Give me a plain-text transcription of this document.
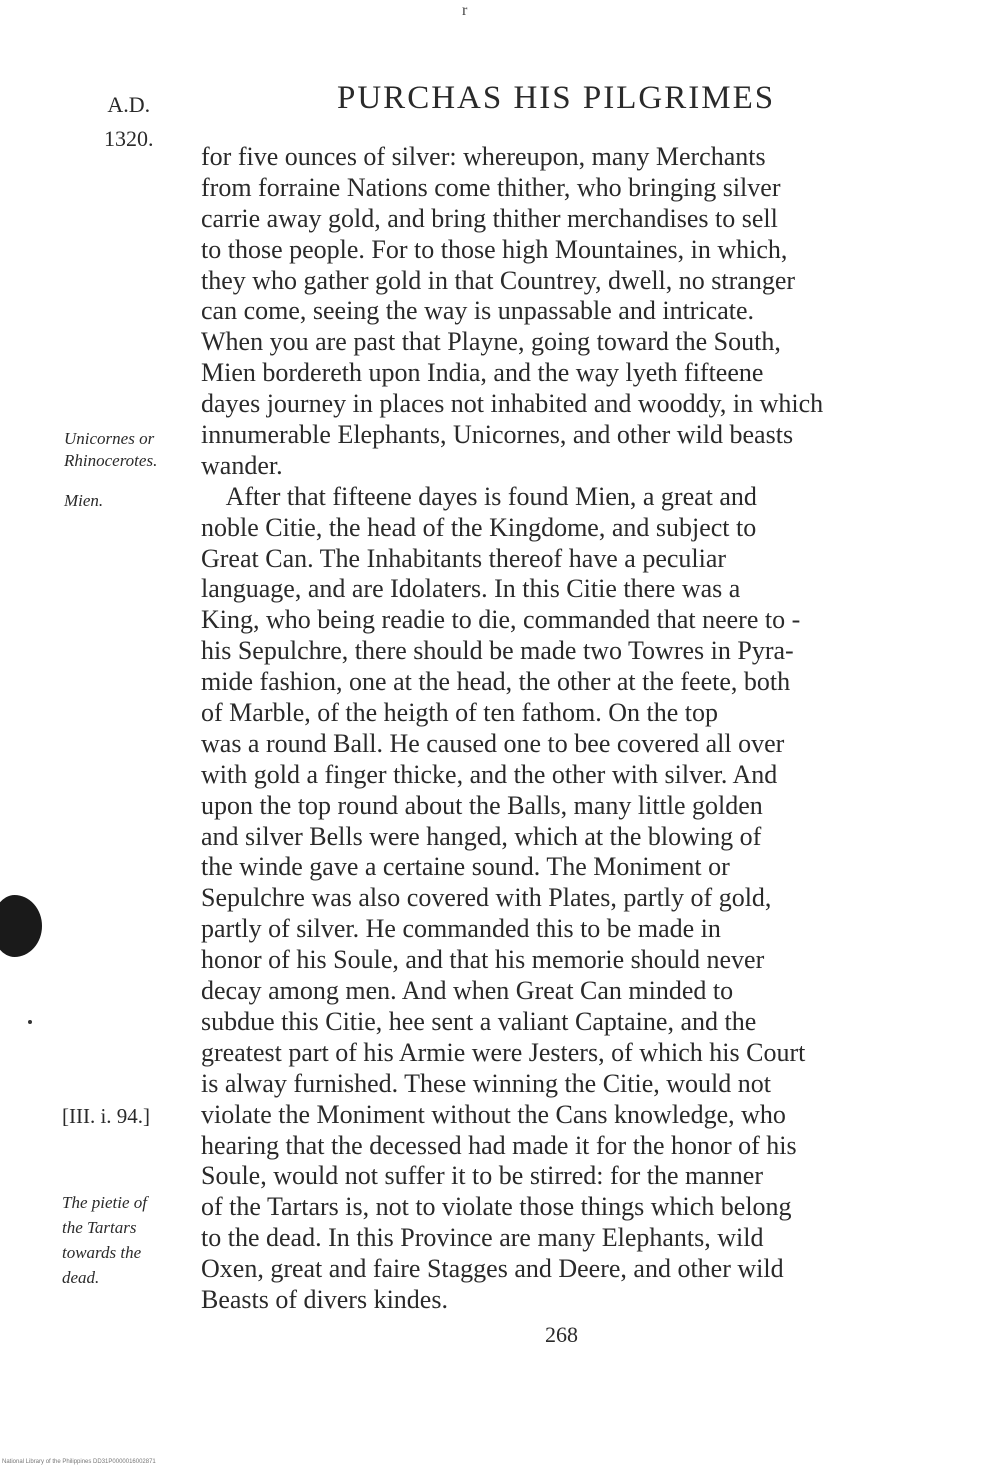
r
A.D.
1320.
PURCHAS HIS PILGRIMES
for five ounces of silver: whereupon, many Merchants
from forraine Nations come thither, who bringing silver
carrie away gold, and bring thither merchandises to sell
to those people. For to those high Mountaines, in which,
they who gather gold in that Countrey, dwell, no stranger
can come, seeing the way is unpassable and intricate.
When you are past that Playne, going toward the South,
Mien bordereth upon India, and the way lyeth fifteene
dayes journey in places not inhabited and wooddy, in which
innumerable Elephants, Unicornes, and other wild beasts
wander.
After that fifteene dayes is found Mien, a great and
noble Citie, the head of the Kingdome, and subject to
Great Can. The Inhabitants thereof have a peculiar
language, and are Idolaters. In this Citie there was a
King, who being readie to die, commanded that neere to -
his Sepulchre, there should be made two Towres in Pyra-
mide fashion, one at the head, the other at the feete, both
of Marble, of the heigth of ten fathom. On the top
was a round Ball. He caused one to bee covered all over
with gold a finger thicke, and the other with silver. And
upon the top round about the Balls, many little golden
and silver Bells were hanged, which at the blowing of
the winde gave a certaine sound. The Moniment or
Sepulchre was also covered with Plates, partly of gold,
partly of silver. He commanded this to be made in
honor of his Soule, and that his memorie should never
decay among men. And when Great Can minded to
subdue this Citie, hee sent a valiant Captaine, and the
greatest part of his Armie were Jesters, of which his Court
is alway furnished. These winning the Citie, would not
violate the Moniment without the Cans knowledge, who
hearing that the decessed had made it for the honor of his
Soule, would not suffer it to be stirred: for the manner
of the Tartars is, not to violate those things which belong
to the dead. In this Province are many Elephants, wild
Oxen, great and faire Stagges and Deere, and other wild
Beasts of divers kindes.
Unicornes or
Rhinocerotes.
Mien.
[III. i. 94.]
The pietie of
the Tartars
towards the
dead.
268
National Library of the Philippines DD31P0000016002871
